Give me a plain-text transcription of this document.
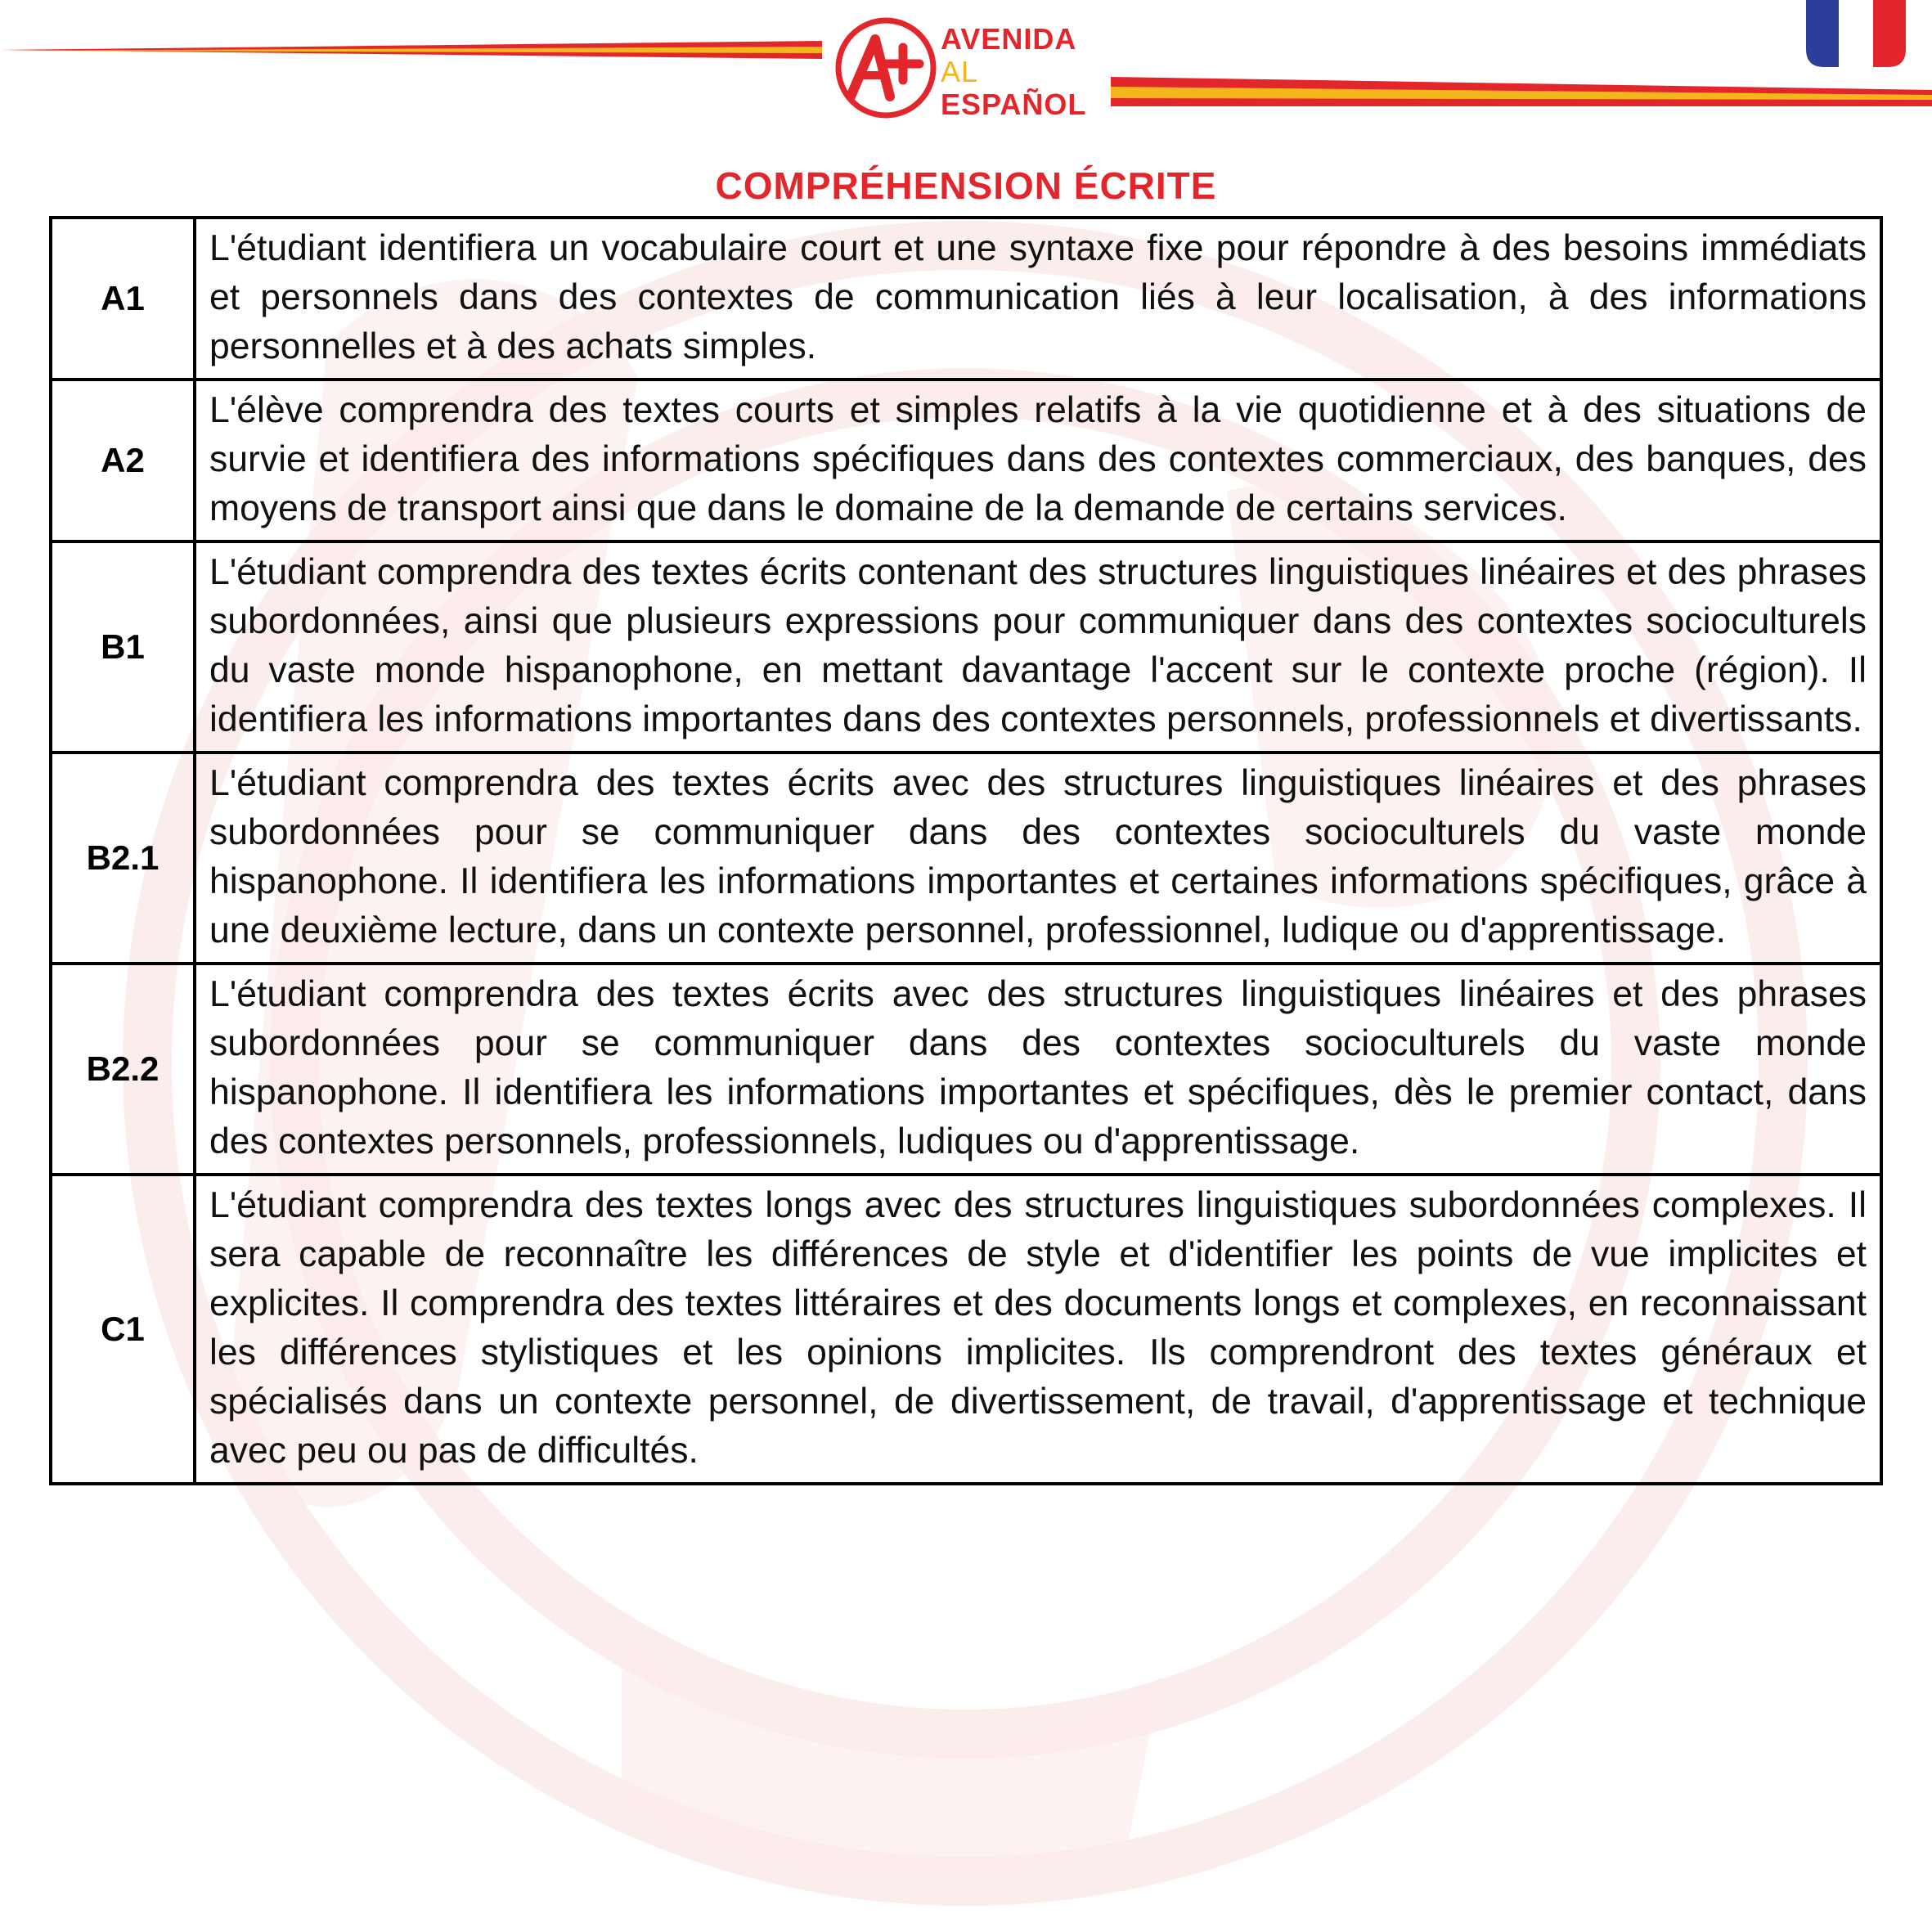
AVENIDA
AL
ESPAÑOL
COMPRÉHENSION ÉCRITE
A1	L'étudiant identifiera un vocabulaire court et une syntaxe fixe pour répondre à des besoins immédiats et personnels dans des contextes de communication liés à leur localisation, à des informations personnelles et à des achats simples.
A2	L'élève comprendra des textes courts et simples relatifs à la vie quotidienne et à des situations de survie et identifiera des informations spécifiques dans des contextes commerciaux, des banques, des moyens de transport ainsi que dans le domaine de la demande de certains services.
B1	L'étudiant comprendra des textes écrits contenant des structures linguistiques linéaires et des phrases subordonnées, ainsi que plusieurs expressions pour communiquer dans des contextes socioculturels du vaste monde hispanophone, en mettant davantage l'accent sur le contexte proche (région). Il identifiera les informations importantes dans des contextes personnels, professionnels et divertissants.
B2.1	L'étudiant comprendra des textes écrits avec des structures linguistiques linéaires et des phrases subordonnées pour se communiquer dans des contextes socioculturels du vaste monde hispanophone. Il identifiera les informations importantes et certaines informations spécifiques, grâce à une deuxième lecture, dans un contexte personnel, professionnel, ludique ou d'apprentissage.
B2.2	L'étudiant comprendra des textes écrits avec des structures linguistiques linéaires et des phrases subordonnées pour se communiquer dans des contextes socioculturels du vaste monde hispanophone. Il identifiera les informations importantes et spécifiques, dès le premier contact, dans des contextes personnels, professionnels, ludiques ou d'apprentissage.
C1	L'étudiant comprendra des textes longs avec des structures linguistiques subordonnées complexes. Il sera capable de reconnaître les différences de style et d'identifier les points de vue implicites et explicites. Il comprendra des textes littéraires et des documents longs et complexes, en reconnaissant les différences stylistiques et les opinions implicites. Ils comprendront des textes généraux et spécialisés dans un contexte personnel, de divertissement, de travail, d'apprentissage et technique avec peu ou pas de difficultés.
